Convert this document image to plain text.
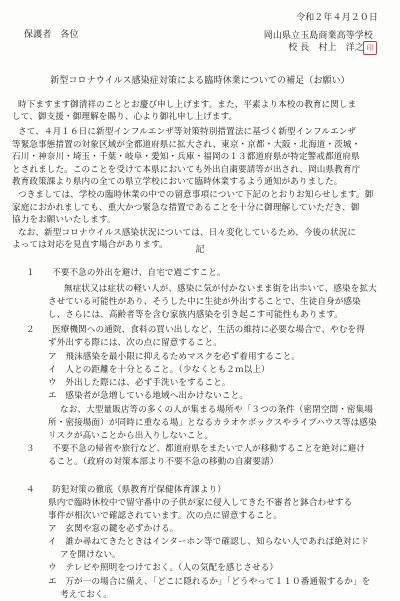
令和２年４月２０日
保護者　各位	岡山県立玉島商業高等学校
校 長　村上　洋之 印
新型コロナウイルス感染症対策による臨時休業についての補足（お願い）
時下ますます御清祥のこととお慶び申し上げます。また、平素より本校の教育に関しま
して、御支援・御理解を賜り、心より御礼申し上げます。
さて、４月１６日に新型インフルエンザ等対策特別措置法に基づく新型インフルエンザ
等緊急事態措置の対象区域が全都道府県に拡大され、東京・京都・大阪・北海道・茨城・
石川・神奈川・埼玉・千葉・岐阜・愛知・兵庫・福岡の１３都道府県が特定警戒都道府県
とされました。このことを受けて本県においても外出自粛要請等が出され、岡山県教育庁
教育政策課より県内の全ての県立学校において臨時休業するよう通知がありました。
つきましては、学校の臨時休業の中での留意事項について下記のとおりお知らせします。御
家庭におかれましても、重大かつ緊急な措置であることを十分に御理解していただき、御
協力をお願いいたします。
なお、新型コロナウイルス感染状況については、日々変化しているため、今後の状況に
よっては対応を見直す場合があります。	記
１　　不要不急の外出を避け、自宅で過ごすこと。
無症状又は症状の軽い人が、感染に気が付かないまま街を出歩いて、感染を拡大
させている可能性があり、そうした中に生徒が外出することで、生徒自身が感染
し、さらには、高齢者等を含む家族内感染を引き起こす可能性もあります。
２　　医療機関への通院、食料の買い出しなど、生活の維持に必要な場合で、やむを得
ず外出する際には、次の点に留意すること。
ア　飛沫感染を最小限に抑えるためマスクを必ず着用すること。
イ　人との距離を十分とること。（少なくとも２ｍ以上）
ウ　外出した際には、必ず手洗いをすること。
エ　感染者が急増している地域へ出かけないこと。
なお、大型量販店等の多くの人が集まる場所や「３つの条件（密閉空間・密集場
所・密接場面）が同時に重なる場」となるカラオケボックスやライブハウス等は感染
リスクが高いことから出入りしないこと。
３　　不要不急の帰省や旅行など、都道府県をまたいで人が移動することを絶対に避け
ること。（政府の対策本部より不要不急の移動の自粛要請）
４　　防犯対策の徹底（県教育庁保健体育課より）
県内で臨時休校中で留守番中の子供が家に侵入してきた不審者と鉢合わせする
事件が相次いで確認されています。次の点に留意すること。
ア　玄関や窓の鍵を必ずかける。
イ　誰か尋ねてきたときはインターホン等で確認し、知らない人であれば絶対にド
アを開けない。
ウ　テレビや照明をつけておく。（人の気配を感じさせる）
エ　万が一の場合に備え、「どこに隠れるか」「どうやって１１０番通報するか」を
考えておく。
